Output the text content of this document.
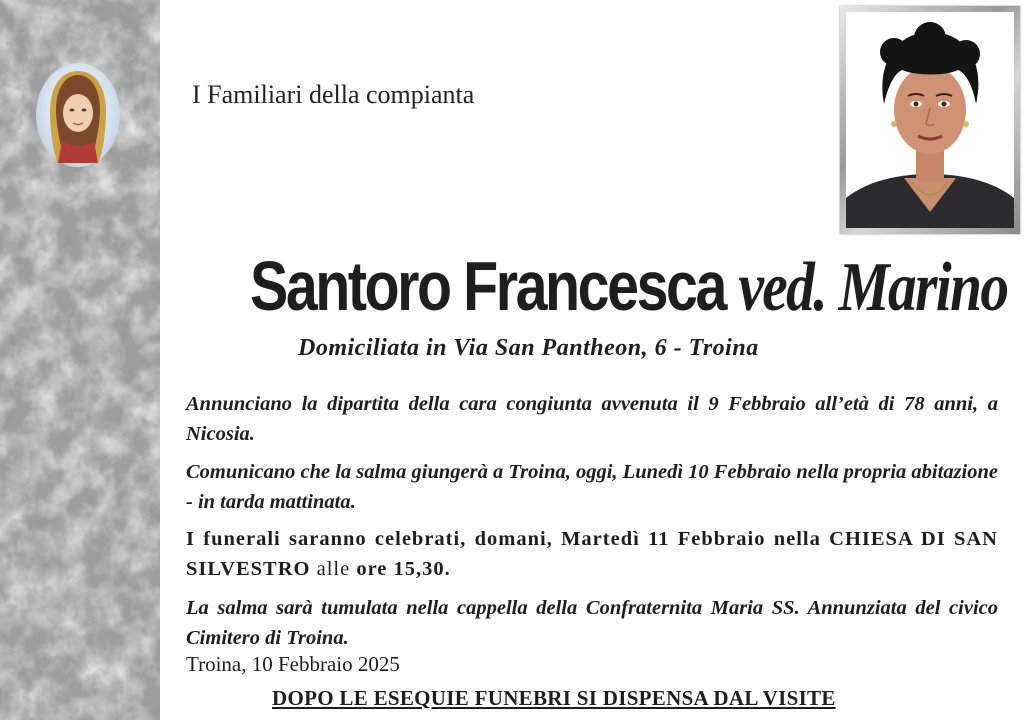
I Familiari della compianta
Santoro Francesca ved. Marino
Domiciliata in Via San Pantheon, 6 - Troina
Annunciano la dipartita della cara congiunta avvenuta il 9 Febbraio all’età di 78 anni, a Nicosia.
Comunicano che la salma giungerà a Troina, oggi, Lunedì 10 Febbraio nella propria abitazione - in tarda mattinata.
I funerali saranno celebrati, domani, Martedì 11 Febbraio nella CHIESA DI SAN SILVESTRO alle ore 15,30.
La salma sarà tumulata nella cappella della Confraternita Maria SS. Annunziata del civico Cimitero di Troina.
Troina, 10 Febbraio 2025
DOPO LE ESEQUIE FUNEBRI SI DISPENSA DAL VISITE
